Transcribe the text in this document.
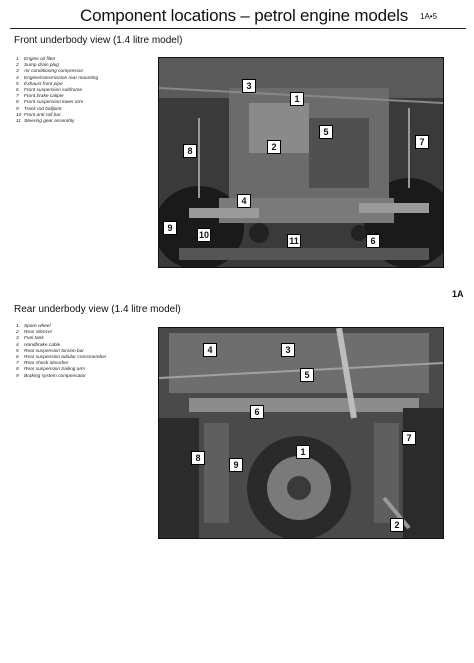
Component locations – petrol engine models 1A•5
Front underbody view (1.4 litre model)
1 Engine oil filter
2 Sump drain plug
3 Air conditioning compressor
4 Engine/transmission rear mounting
5 Exhaust front pipe
6 Front suspension subframe
7 Front brake caliper
8 Front suspension lower arm
9 Track rod balljoint
10 Front anti-roll bar
11 Steering gear assembly
3
1
5
7
2
8
4
9
10
11	6
1A
Rear underbody view (1.4 litre model)
1 Spare wheel
2 Rear silencer
3 Fuel tank
4 Handbrake cable
5 Rear suspension torsion bar
6 Rear suspension tubular crossmember
7 Rear shock absorber
8 Rear suspension trailing arm
9 Braking system compensator
4	3
5
6
7
1
8
9
2
